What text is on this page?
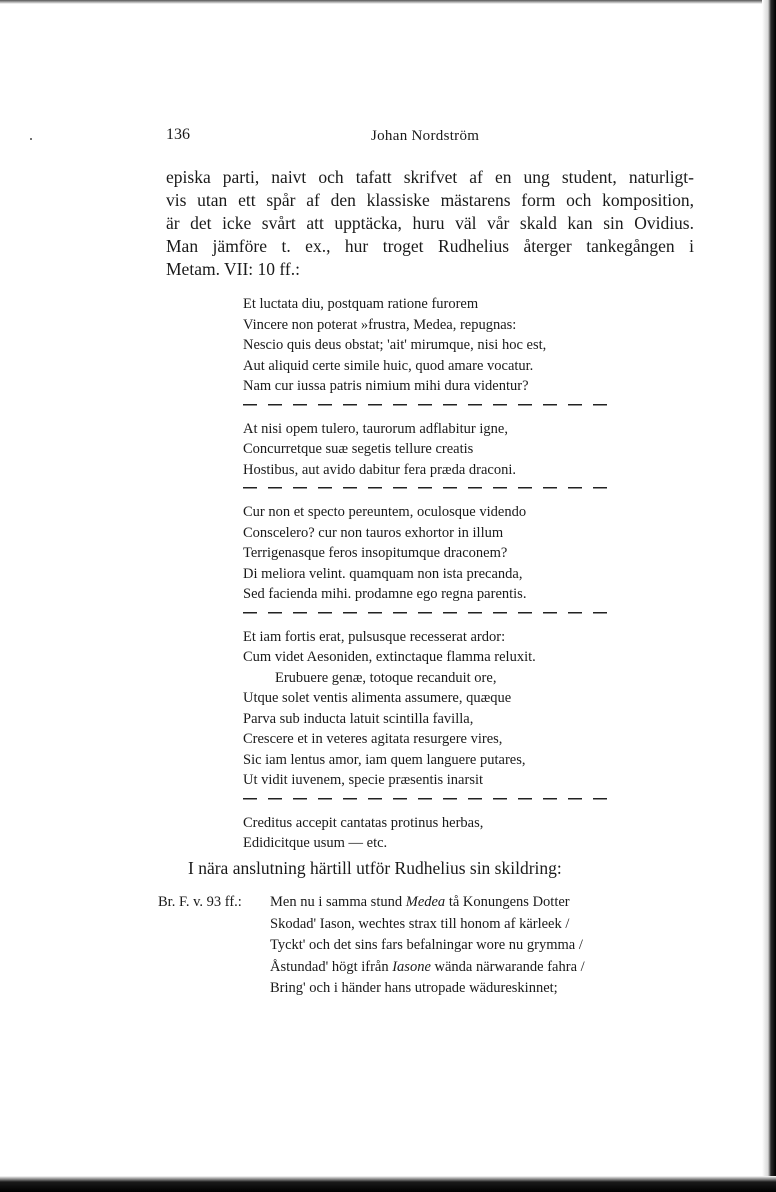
136	Johan Nordström
episka parti, naivt och tafatt skrifvet af en ung student, naturligt-
vis utan ett spår af den klassiske mästarens form och komposition,
är det icke svårt att upptäcka, huru väl vår skald kan sin Ovidius.
Man jämföre t. ex., hur troget Rudhelius återger tankegången i
Metam. VII: 10 ff.:
Et luctata diu, postquam ratione furorem
Vincere non poterat »frustra, Medea, repugnas:
Nescio quis deus obstat; 'ait' mirumque, nisi hoc est,
Aut aliquid certe simile huic, quod amare vocatur.
Nam cur iussa patris nimium mihi dura videntur?
At nisi opem tulero, taurorum adflabitur igne,
Concurretque suæ segetis tellure creatis
Hostibus, aut avido dabitur fera præda draconi.
Cur non et specto pereuntem, oculosque videndo
Conscelero? cur non tauros exhortor in illum
Terrigenasque feros insopitumque draconem?
Di meliora velint. quamquam non ista precanda,
Sed facienda mihi. prodamne ego regna parentis.
Et iam fortis erat, pulsusque recesserat ardor:
Cum videt Aesoniden, extinctaque flamma reluxit.
Erubuere genæ, totoque recanduit ore,
Utque solet ventis alimenta assumere, quæque
Parva sub inducta latuit scintilla favilla,
Crescere et in veteres agitata resurgere vires,
Sic iam lentus amor, iam quem languere putares,
Ut vidit iuvenem, specie præsentis inarsit
Creditus accepit cantatas protinus herbas,
Edidicitque usum — etc.
I nära anslutning härtill utför Rudhelius sin skildring:
Br. F. v. 93 ff.: Men nu i samma stund Medea tå Konungens Dotter
Skodad' Iason, wechtes strax till honom af kärleek /
Tyckt' och det sins fars befalningar wore nu grymma /
Åstundad' högt ifrån Iasone wända närwarande fahra /
Bring' och i händer hans utropade wädureskinnet;
